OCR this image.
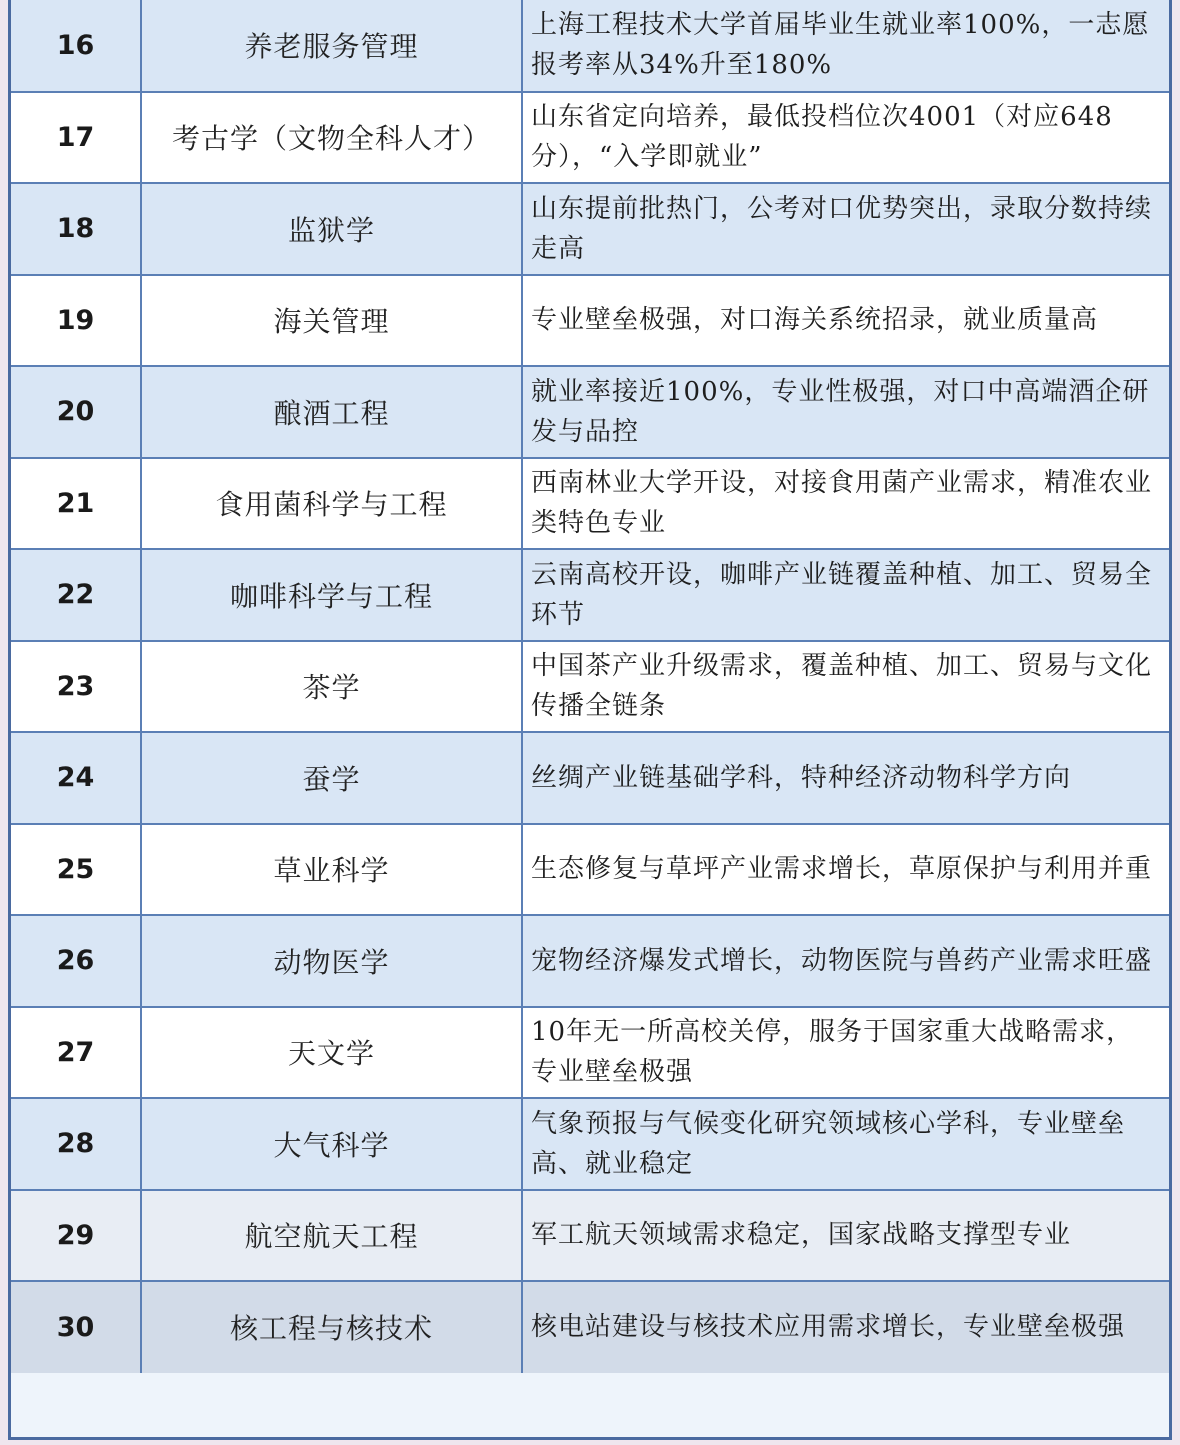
16	养老服务管理	上海工程技术大学首届毕业生就业率100%，一志愿报考率从34%升至180%
17	考古学（文物全科人才）	山东省定向培养，最低投档位次4001（对应648分），“入学即就业”
18	监狱学	山东提前批热门，公考对口优势突出，录取分数持续走高
19	海关管理	专业壁垒极强，对口海关系统招录，就业质量高
20	酿酒工程	就业率接近100%，专业性极强，对口中高端酒企研发与品控
21	食用菌科学与工程	西南林业大学开设，对接食用菌产业需求，精准农业类特色专业
22	咖啡科学与工程	云南高校开设，咖啡产业链覆盖种植、加工、贸易全环节
23	茶学	中国茶产业升级需求，覆盖种植、加工、贸易与文化传播全链条
24	蚕学	丝绸产业链基础学科，特种经济动物科学方向
25	草业科学	生态修复与草坪产业需求增长，草原保护与利用并重
26	动物医学	宠物经济爆发式增长，动物医院与兽药产业需求旺盛
27	天文学	10年无一所高校关停，服务于国家重大战略需求，专业壁垒极强
28	大气科学	气象预报与气候变化研究领域核心学科，专业壁垒高、就业稳定
29	航空航天工程	军工航天领域需求稳定，国家战略支撑型专业
30	核工程与核技术	核电站建设与核技术应用需求增长，专业壁垒极强
